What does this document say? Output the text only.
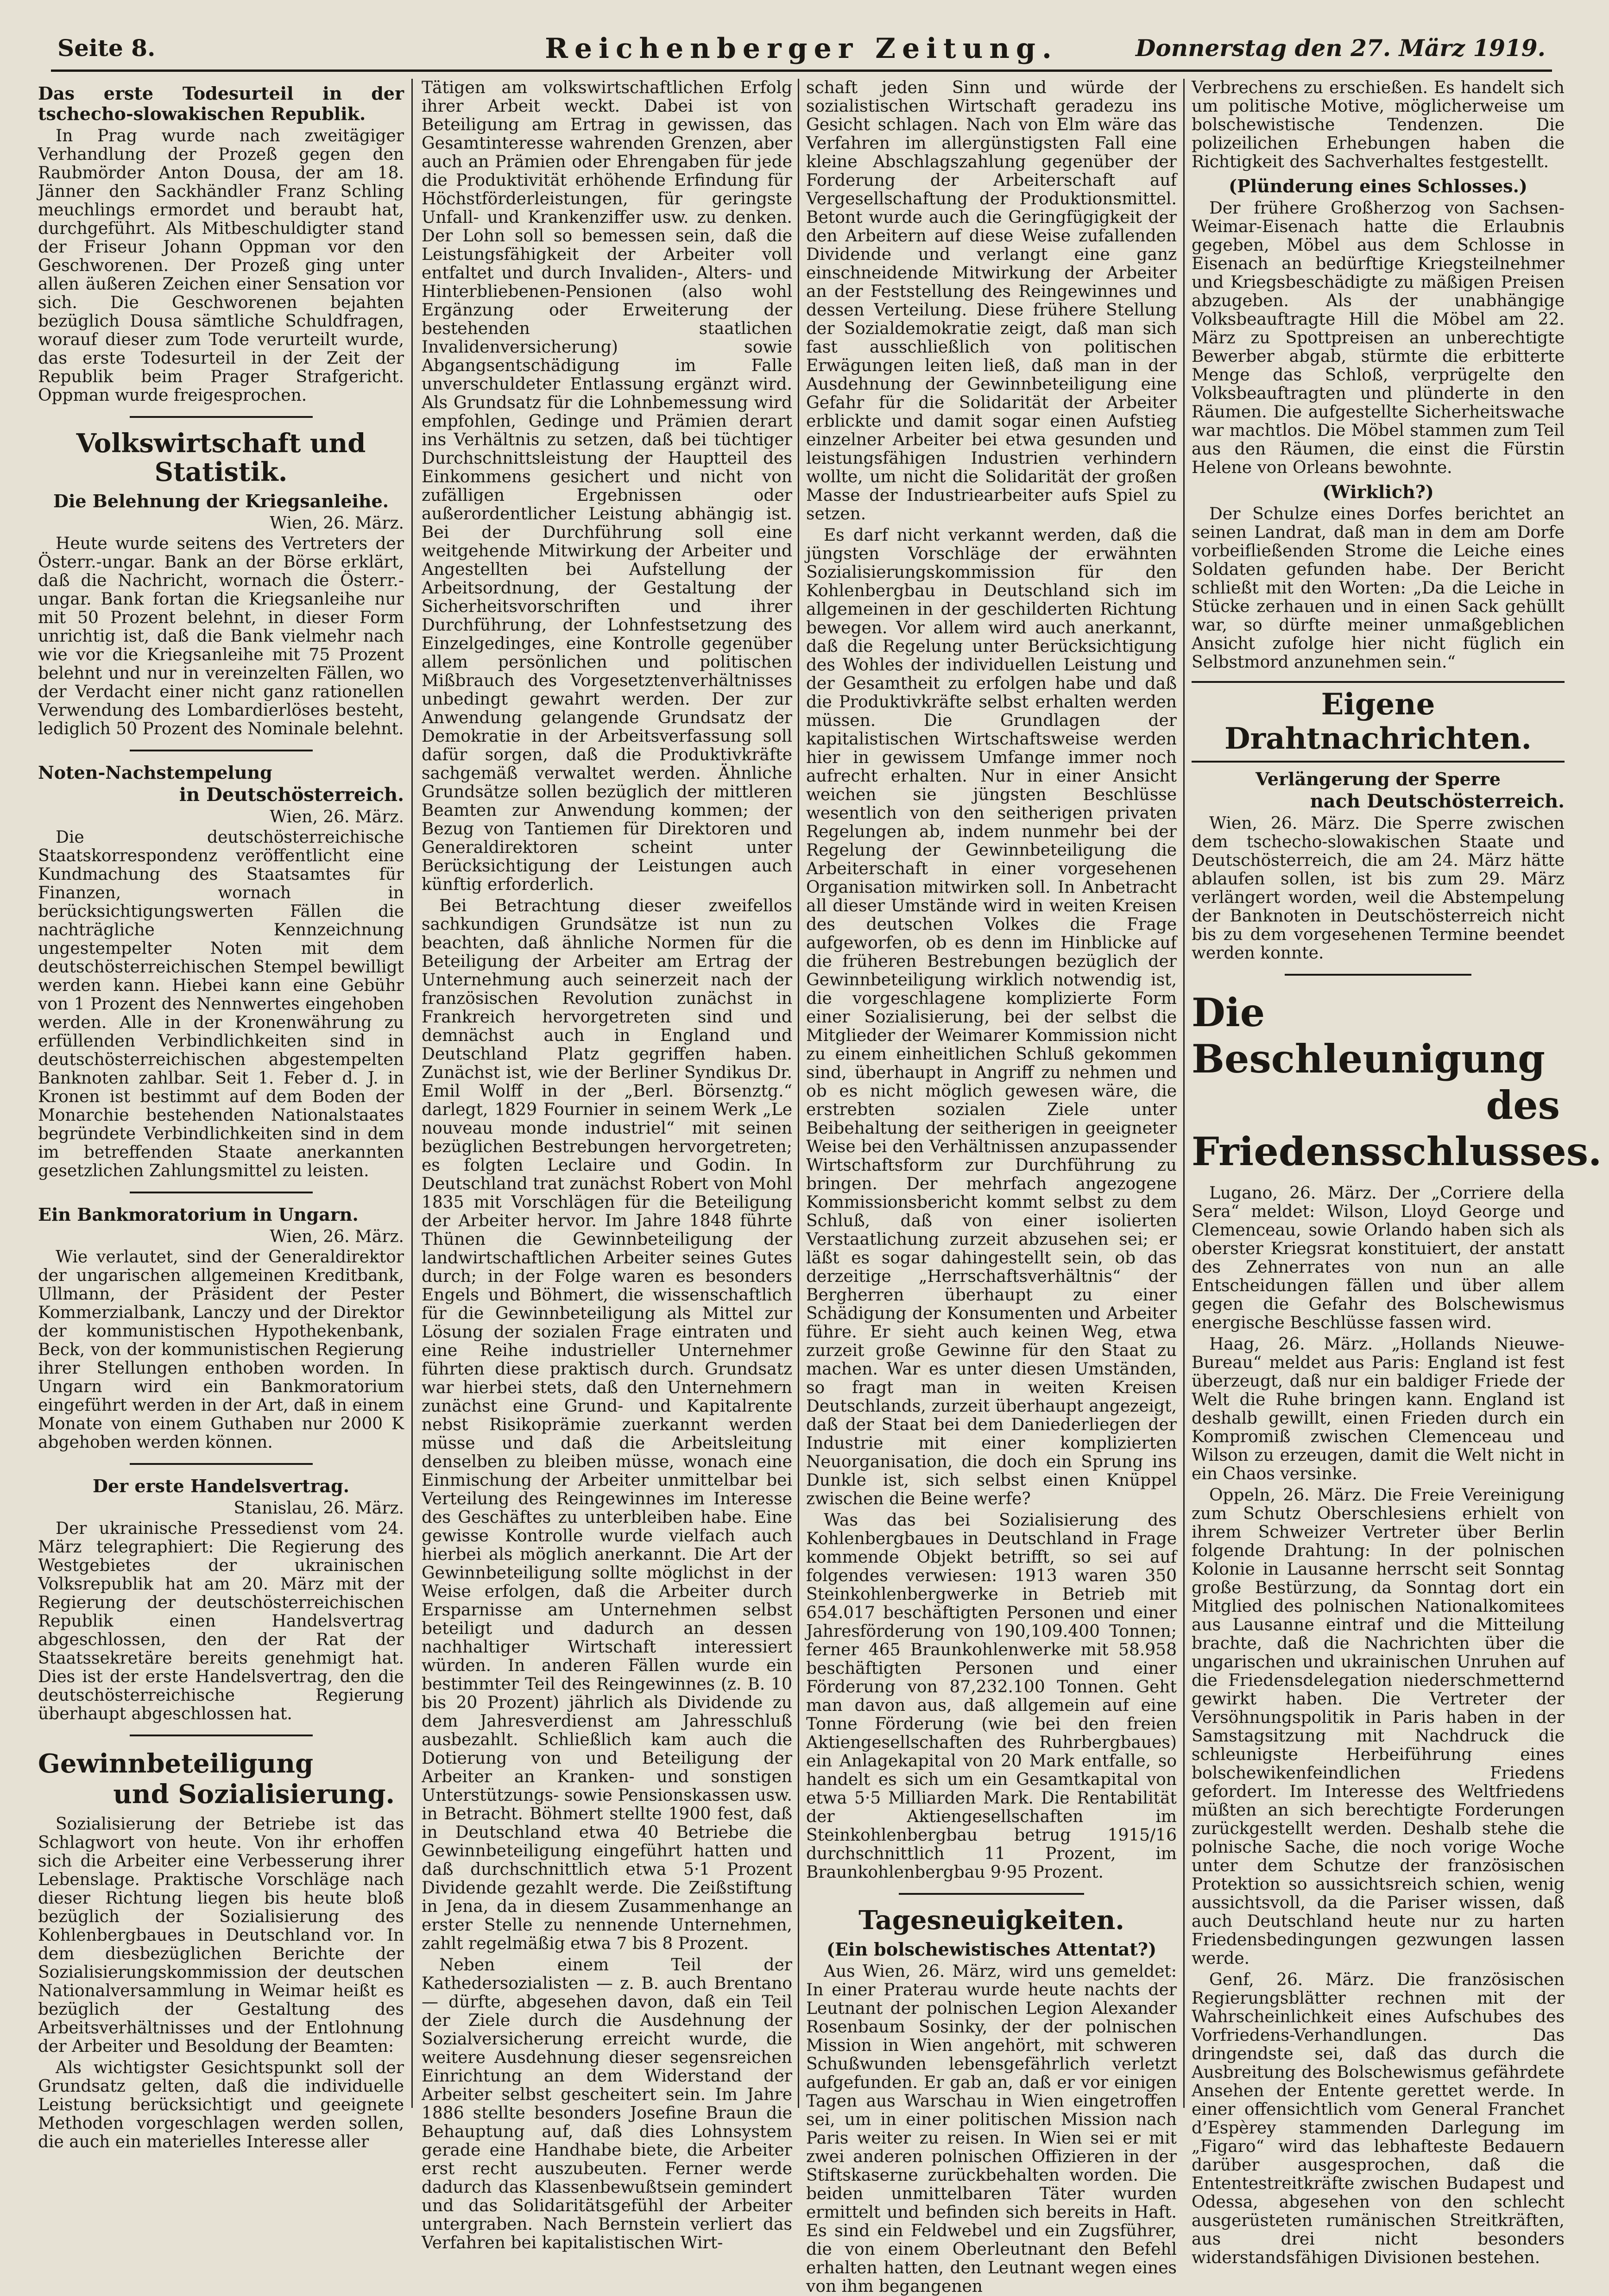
Seite 8.	Reichenberger Zeitung.	Donnerstag den 27. März 1919.
Das erste Todesurteil in der tschecho-slowakischen Republik.

In Prag wurde nach zweitägiger Verhandlung der Prozeß gegen den Raubmörder Anton Dousa, der am 18. Jänner den Sackhändler Franz Schling meuchlings ermordet und beraubt hat, durchgeführt. Als Mitbeschuldigter stand der Friseur Johann Oppman vor den Geschworenen. Der Prozeß ging unter allen äußeren Zeichen einer Sensation vor sich. Die Geschworenen bejahten bezüglich Dousa sämtliche Schuldfragen, worauf dieser zum Tode verurteilt wurde, das erste Todesurteil in der Zeit der Republik beim Prager Strafgericht. Oppman wurde freigesprochen.

Volkswirtschaft und Statistik.
Die Belehnung der Kriegsanleihe.
Wien, 26. März.

Heute wurde seitens des Vertreters der Österr.-ungar. Bank an der Börse erklärt, daß die Nachricht, wornach die Österr.-ungar. Bank fortan die Kriegsanleihe nur mit 50 Prozent belehnt, in dieser Form unrichtig ist, daß die Bank vielmehr nach wie vor die Kriegsanleihe mit 75 Prozent belehnt und nur in vereinzelten Fällen, wo der Verdacht einer nicht ganz rationellen Verwendung des Lombardierlöses besteht, lediglich 50 Prozent des Nominale belehnt.

Noten-Nachstempelung
in Deutschösterreich.
Wien, 26. März.

Die deutschösterreichische Staatskorrespondenz veröffentlicht eine Kundmachung des Staatsamtes für Finanzen, wornach in berücksichtigungswerten Fällen die nachträgliche Kennzeichnung ungestempelter Noten mit dem deutschösterreichischen Stempel bewilligt werden kann. Hiebei kann eine Gebühr von 1 Prozent des Nennwertes eingehoben werden. Alle in der Kronenwährung zu erfüllenden Verbindlichkeiten sind in deutschösterreichischen abgestempelten Banknoten zahlbar. Seit 1. Feber d. J. in Kronen ist bestimmt auf dem Boden der Monarchie bestehenden Nationalstaates begründete Verbindlichkeiten sind in dem im betreffenden Staate anerkannten gesetzlichen Zahlungsmittel zu leisten.

Ein Bankmoratorium in Ungarn.
Wien, 26. März.

Wie verlautet, sind der Generaldirektor der ungarischen allgemeinen Kreditbank, Ullmann, der Präsident der Pester Kommerzialbank, Lanczy und der Direktor der kommunistischen Hypothekenbank, Beck, von der kommunistischen Regierung ihrer Stellungen enthoben worden. In Ungarn wird ein Bankmoratorium eingeführt werden in der Art, daß in einem Monate von einem Guthaben nur 2000 K abgehoben werden können.

Der erste Handelsvertrag.
Stanislau, 26. März.

Der ukrainische Pressedienst vom 24. März telegraphiert: Die Regierung des Westgebietes der ukrainischen Volksrepublik hat am 20. März mit der Regierung der deutschösterreichischen Republik einen Handelsvertrag abgeschlossen, den der Rat der Staatssekretäre bereits genehmigt hat. Dies ist der erste Handelsvertrag, den die deutschösterreichische Regierung überhaupt abgeschlossen hat.

Gewinnbeteiligung
und Sozialisierung.

Sozialisierung der Betriebe ist das Schlagwort von heute. Von ihr erhoffen sich die Arbeiter eine Verbesserung ihrer Lebenslage. Praktische Vorschläge nach dieser Richtung liegen bis heute bloß bezüglich der Sozialisierung des Kohlenbergbaues in Deutschland vor. In dem diesbezüglichen Berichte der Sozialisierungskommission der deutschen Nationalversammlung in Weimar heißt es bezüglich der Gestaltung des Arbeitsverhältnisses und der Entlohnung der Arbeiter und Besoldung der Beamten:

Als wichtigster Gesichtspunkt soll der Grundsatz gelten, daß die individuelle Leistung berücksichtigt und geeignete Methoden vorgeschlagen werden sollen, die auch ein materielles Interesse aller

Tätigen am volkswirtschaftlichen Erfolg ihrer Arbeit weckt. Dabei ist von Beteiligung am Ertrag in gewissen, das Gesamtinteresse wahrenden Grenzen, aber auch an Prämien oder Ehrengaben für jede die Produktivität erhöhende Erfindung für Höchstförderleistungen, für geringste Unfall- und Krankenziffer usw. zu denken. Der Lohn soll so bemessen sein, daß die Leistungsfähigkeit der Arbeiter voll entfaltet und durch Invaliden-, Alters- und Hinterbliebenen-Pensionen (also wohl Ergänzung oder Erweiterung der bestehenden staatlichen Invalidenversicherung) sowie Abgangsentschädigung im Falle unverschuldeter Entlassung ergänzt wird. Als Grundsatz für die Lohnbemessung wird empfohlen, Gedinge und Prämien derart ins Verhältnis zu setzen, daß bei tüchtiger Durchschnittsleistung der Hauptteil des Einkommens gesichert und nicht von zufälligen Ergebnissen oder außerordentlicher Leistung abhängig ist. Bei der Durchführung soll eine weitgehende Mitwirkung der Arbeiter und Angestellten bei Aufstellung der Arbeitsordnung, der Gestaltung der Sicherheitsvorschriften und ihrer Durchführung, der Lohnfestsetzung des Einzelgedinges, eine Kontrolle gegenüber allem persönlichen und politischen Mißbrauch des Vorgesetztenverhältnisses unbedingt gewahrt werden. Der zur Anwendung gelangende Grundsatz der Demokratie in der Arbeitsverfassung soll dafür sorgen, daß die Produktivkräfte sachgemäß verwaltet werden. Ähnliche Grundsätze sollen bezüglich der mittleren Beamten zur Anwendung kommen; der Bezug von Tantiemen für Direktoren und Generaldirektoren scheint unter Berücksichtigung der Leistungen auch künftig erforderlich.

Bei Betrachtung dieser zweifellos sachkundigen Grundsätze ist nun zu beachten, daß ähnliche Normen für die Beteiligung der Arbeiter am Ertrag der Unternehmung auch seinerzeit nach der französischen Revolution zunächst in Frankreich hervorgetreten sind und demnächst auch in England und Deutschland Platz gegriffen haben. Zunächst ist, wie der Berliner Syndikus Dr. Emil Wolff in der „Berl. Börsenztg.“ darlegt, 1829 Fournier in seinem Werk „Le nouveau monde industriel“ mit seinen bezüglichen Bestrebungen hervorgetreten; es folgten Leclaire und Godin. In Deutschland trat zunächst Robert von Mohl 1835 mit Vorschlägen für die Beteiligung der Arbeiter hervor. Im Jahre 1848 führte Thünen die Gewinnbeteiligung der landwirtschaftlichen Arbeiter seines Gutes durch; in der Folge waren es besonders Engels und Böhmert, die wissenschaftlich für die Gewinnbeteiligung als Mittel zur Lösung der sozialen Frage eintraten und eine Reihe industrieller Unternehmer führten diese praktisch durch. Grundsatz war hierbei stets, daß den Unternehmern zunächst eine Grund- und Kapitalrente nebst Risikoprämie zuerkannt werden müsse und daß die Arbeitsleitung denselben zu bleiben müsse, wonach eine Einmischung der Arbeiter unmittelbar bei Verteilung des Reingewinnes im Interesse des Geschäftes zu unterbleiben habe. Eine gewisse Kontrolle wurde vielfach auch hierbei als möglich anerkannt. Die Art der Gewinnbeteiligung sollte möglichst in der Weise erfolgen, daß die Arbeiter durch Ersparnisse am Unternehmen selbst beteiligt und dadurch an dessen nachhaltiger Wirtschaft interessiert würden. In anderen Fällen wurde ein bestimmter Teil des Reingewinnes (z. B. 10 bis 20 Prozent) jährlich als Dividende zu dem Jahresverdienst am Jahresschluß ausbezahlt. Schließlich kam auch die Dotierung von und Beteiligung der Arbeiter an Kranken- und sonstigen Unterstützungs- sowie Pensionskassen usw. in Betracht. Böhmert stellte 1900 fest, daß in Deutschland etwa 40 Betriebe die Gewinnbeteiligung eingeführt hatten und daß durchschnittlich etwa 5·1 Prozent Dividende gezahlt werde. Die Zeißstiftung in Jena, da in diesem Zusammenhange an erster Stelle zu nennende Unternehmen, zahlt regelmäßig etwa 7 bis 8 Prozent.

Neben einem Teil der Kathedersozialisten — z. B. auch Brentano — dürfte, abgesehen davon, daß ein Teil der Ziele durch die Ausdehnung der Sozialversicherung erreicht wurde, die weitere Ausdehnung dieser segensreichen Einrichtung an dem Widerstand der Arbeiter selbst gescheitert sein. Im Jahre 1886 stellte besonders Josefine Braun die Behauptung auf, daß dies Lohnsystem gerade eine Handhabe biete, die Arbeiter erst recht auszubeuten. Ferner werde dadurch das Klassenbewußtsein gemindert und das Solidaritätsgefühl der Arbeiter untergraben. Nach Bernstein verliert das Verfahren bei kapitalistischen Wirt-

schaft jeden Sinn und würde der sozialistischen Wirtschaft geradezu ins Gesicht schlagen. Nach von Elm wäre das Verfahren im allergünstigsten Fall eine kleine Abschlagszahlung gegenüber der Forderung der Arbeiterschaft auf Vergesellschaftung der Produktionsmittel. Betont wurde auch die Geringfügigkeit der den Arbeitern auf diese Weise zufallenden Dividende und verlangt eine ganz einschneidende Mitwirkung der Arbeiter an der Feststellung des Reingewinnes und dessen Verteilung. Diese frühere Stellung der Sozialdemokratie zeigt, daß man sich fast ausschließlich von politischen Erwägungen leiten ließ, daß man in der Ausdehnung der Gewinnbeteiligung eine Gefahr für die Solidarität der Arbeiter erblickte und damit sogar einen Aufstieg einzelner Arbeiter bei etwa gesunden und leistungsfähigen Industrien verhindern wollte, um nicht die Solidarität der großen Masse der Industriearbeiter aufs Spiel zu setzen.

Es darf nicht verkannt werden, daß die jüngsten Vorschläge der erwähnten Sozialisierungskommission für den Kohlenbergbau in Deutschland sich im allgemeinen in der geschilderten Richtung bewegen. Vor allem wird auch anerkannt, daß die Regelung unter Berücksichtigung des Wohles der individuellen Leistung und der Gesamtheit zu erfolgen habe und daß die Produktivkräfte selbst erhalten werden müssen. Die Grundlagen der kapitalistischen Wirtschaftsweise werden hier in gewissem Umfange immer noch aufrecht erhalten. Nur in einer Ansicht weichen sie jüngsten Beschlüsse wesentlich von den seitherigen privaten Regelungen ab, indem nunmehr bei der Regelung der Gewinnbeteiligung die Arbeiterschaft in einer vorgesehenen Organisation mitwirken soll. In Anbetracht all dieser Umstände wird in weiten Kreisen des deutschen Volkes die Frage aufgeworfen, ob es denn im Hinblicke auf die früheren Bestrebungen bezüglich der Gewinnbeteiligung wirklich notwendig ist, die vorgeschlagene komplizierte Form einer Sozialisierung, bei der selbst die Mitglieder der Weimarer Kommission nicht zu einem einheitlichen Schluß gekommen sind, überhaupt in Angriff zu nehmen und ob es nicht möglich gewesen wäre, die erstrebten sozialen Ziele unter Beibehaltung der seitherigen in geeigneter Weise bei den Verhältnissen anzupassender Wirtschaftsform zur Durchführung zu bringen. Der mehrfach angezogene Kommissionsbericht kommt selbst zu dem Schluß, daß von einer isolierten Verstaatlichung zurzeit abzusehen sei; er läßt es sogar dahingestellt sein, ob das derzeitige „Herrschaftsverhältnis“ der Bergherren überhaupt zu einer Schädigung der Konsumenten und Arbeiter führe. Er sieht auch keinen Weg, etwa zurzeit große Gewinne für den Staat zu machen. War es unter diesen Umständen, so fragt man in weiten Kreisen Deutschlands, zurzeit überhaupt angezeigt, daß der Staat bei dem Daniederliegen der Industrie mit einer komplizierten Neuorganisation, die doch ein Sprung ins Dunkle ist, sich selbst einen Knüppel zwischen die Beine werfe?

Was das bei Sozialisierung des Kohlenbergbaues in Deutschland in Frage kommende Objekt betrifft, so sei auf folgendes verwiesen: 1913 waren 350 Steinkohlenbergwerke in Betrieb mit 654.017 beschäftigten Personen und einer Jahresförderung von 190,109.400 Tonnen; ferner 465 Braunkohlenwerke mit 58.958 beschäftigten Personen und einer Förderung von 87,232.100 Tonnen. Geht man davon aus, daß allgemein auf eine Tonne Förderung (wie bei den freien Aktiengesellschaften des Ruhrbergbaues) ein Anlagekapital von 20 Mark entfalle, so handelt es sich um ein Gesamtkapital von etwa 5·5 Milliarden Mark. Die Rentabilität der Aktiengesellschaften im Steinkohlenbergbau betrug 1915/16 durchschnittlich 11 Prozent, im Braunkohlenbergbau 9·95 Prozent.

Tagesneuigkeiten.
(Ein bolschewistisches Attentat?)

Aus Wien, 26. März, wird uns gemeldet: In einer Praterau wurde heute nachts der Leutnant der polnischen Legion Alexander Rosenbaum Sosinky, der der polnischen Mission in Wien angehört, mit schweren Schußwunden lebensgefährlich verletzt aufgefunden. Er gab an, daß er vor einigen Tagen aus Warschau in Wien eingetroffen sei, um in einer politischen Mission nach Paris weiter zu reisen. In Wien sei er mit zwei anderen polnischen Offizieren in der Stiftskaserne zurückbehalten worden. Die beiden unmittelbaren Täter wurden ermittelt und befinden sich bereits in Haft. Es sind ein Feldwebel und ein Zugsführer, die von einem Oberleutnant den Befehl erhalten hatten, den Leutnant wegen eines von ihm begangenen

Verbrechens zu erschießen. Es handelt sich um politische Motive, möglicherweise um bolschewistische Tendenzen. Die polizeilichen Erhebungen haben die Richtigkeit des Sachverhaltes festgestellt.

(Plünderung eines Schlosses.)

Der frühere Großherzog von Sachsen-Weimar-Eisenach hatte die Erlaubnis gegeben, Möbel aus dem Schlosse in Eisenach an bedürftige Kriegsteilnehmer und Kriegsbeschädigte zu mäßigen Preisen abzugeben. Als der unabhängige Volksbeauftragte Hill die Möbel am 22. März zu Spottpreisen an unberechtigte Bewerber abgab, stürmte die erbitterte Menge das Schloß, verprügelte den Volksbeauftragten und plünderte in den Räumen. Die aufgestellte Sicherheitswache war machtlos. Die Möbel stammen zum Teil aus den Räumen, die einst die Fürstin Helene von Orleans bewohnte.

(Wirklich?)

Der Schulze eines Dorfes berichtet an seinen Landrat, daß man in dem am Dorfe vorbeifließenden Strome die Leiche eines Soldaten gefunden habe. Der Bericht schließt mit den Worten: „Da die Leiche in Stücke zerhauen und in einen Sack gehüllt war, so dürfte meiner unmaßgeblichen Ansicht zufolge hier nicht füglich ein Selbstmord anzunehmen sein.“

Eigene Drahtnachrichten.
Verlängerung der Sperre
nach Deutschösterreich.

Wien, 26. März. Die Sperre zwischen dem tschecho-slowakischen Staate und Deutschösterreich, die am 24. März hätte ablaufen sollen, ist bis zum 29. März verlängert worden, weil die Abstempelung der Banknoten in Deutschösterreich nicht bis zu dem vorgesehenen Termine beendet werden konnte.

Die Beschleunigung
des Friedensschlusses.

Lugano, 26. März. Der „Corriere della Sera“ meldet: Wilson, Lloyd George und Clemenceau, sowie Orlando haben sich als oberster Kriegsrat konstituiert, der anstatt des Zehnerrates von nun an alle Entscheidungen fällen und über allem gegen die Gefahr des Bolschewismus energische Beschlüsse fassen wird.

Haag, 26. März. „Hollands Nieuwe-Bureau“ meldet aus Paris: England ist fest überzeugt, daß nur ein baldiger Friede der Welt die Ruhe bringen kann. England ist deshalb gewillt, einen Frieden durch ein Kompromiß zwischen Clemenceau und Wilson zu erzeugen, damit die Welt nicht in ein Chaos versinke.

Oppeln, 26. März. Die Freie Vereinigung zum Schutz Oberschlesiens erhielt von ihrem Schweizer Vertreter über Berlin folgende Drahtung: In der polnischen Kolonie in Lausanne herrscht seit Sonntag große Bestürzung, da Sonntag dort ein Mitglied des polnischen Nationalkomitees aus Lausanne eintraf und die Mitteilung brachte, daß die Nachrichten über die ungarischen und ukrainischen Unruhen auf die Friedensdelegation niederschmetternd gewirkt haben. Die Vertreter der Versöhnungspolitik in Paris haben in der Samstagsitzung mit Nachdruck die schleunigste Herbeiführung eines bolschewikenfeindlichen Friedens gefordert. Im Interesse des Weltfriedens müßten an sich berechtigte Forderungen zurückgestellt werden. Deshalb stehe die polnische Sache, die noch vorige Woche unter dem Schutze der französischen Protektion so aussichtsreich schien, wenig aussichtsvoll, da die Pariser wissen, daß auch Deutschland heute nur zu harten Friedensbedingungen gezwungen lassen werde.

Genf, 26. März. Die französischen Regierungsblätter rechnen mit der Wahrscheinlichkeit eines Aufschubes des Vorfriedens-Verhandlungen. Das dringendste sei, daß das durch die Ausbreitung des Bolschewismus gefährdete Ansehen der Entente gerettet werde. In einer offensichtlich vom General Franchet d’Espèrey stammenden Darlegung im „Figaro“ wird das lebhafteste Bedauern darüber ausgesprochen, daß die Ententestreitkräfte zwischen Budapest und Odessa, abgesehen von den schlecht ausgerüsteten rumänischen Streitkräften, aus drei nicht besonders widerstandsfähigen Divisionen bestehen.
